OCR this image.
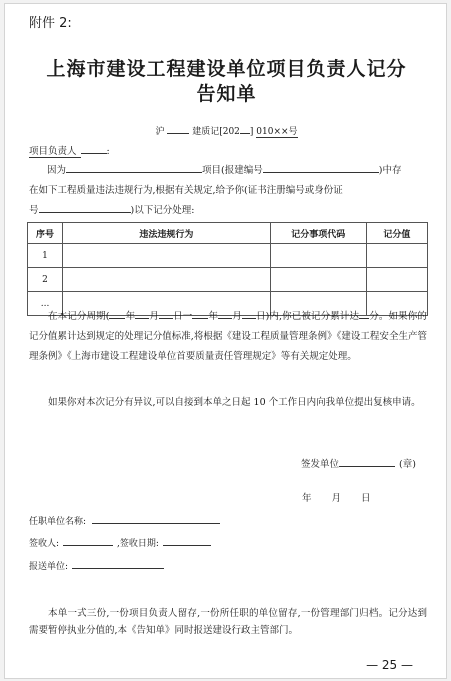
附件 2:
上海市建设工程建设单位项目负责人记分
告知单
沪	建质记[202 ] 010××号
项目负责人	:
因为	项目(报建编号	)中存
在如下工程质量违法违规行为,根据有关规定,给予你(证书注册编号或身份证
号	)以下记分处理:
序号	违法违规行为	记分事项代码	记分值
1			
2			
...			
在本记分周期( 年 月 日一 年 月 日)内,你已被记分累计达 分。如果你的记分值累计达到规定的处理记分值标准,将根据《建设工程质量管理条例》《建设工程安全生产管理条例》《上海市建设工程建设单位首要质量责任管理规定》等有关规定处理。
如果你对本次记分有异议,可以自接到本单之日起 10 个工作日内向我单位提出复核申请。
签发单位	(章)
年 月 日
任职单位名称:
签收人:	,签收日期:
报送单位:
本单一式三份,一份项目负责人留存,一份所任职的单位留存,一份管理部门归档。记分达到需要暂停执业分值的,本《告知单》同时报送建设行政主管部门。
— 25 —
